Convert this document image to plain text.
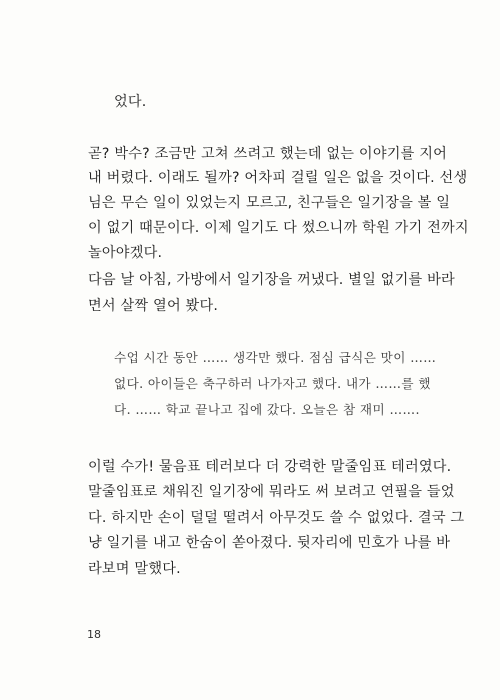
었다.
곧? 박수? 조금만 고쳐 쓰려고 했는데 없는 이야기를 지어
내 버렸다. 이래도 될까? 어차피 걸릴 일은 없을 것이다. 선생
님은 무슨 일이 있었는지 모르고, 친구들은 일기장을 볼 일
이 없기 때문이다. 이제 일기도 다 썼으니까 학원 가기 전까지
놀아야겠다.
다음 날 아침, 가방에서 일기장을 꺼냈다. 별일 없기를 바라
면서 살짝 열어 봤다.
수업 시간 동안 …… 생각만 했다. 점심 급식은 맛이 ……
없다. 아이들은 축구하러 나가자고 했다. 내가 ……를 했
다. …… 학교 끝나고 집에 갔다. 오늘은 참 재미 …….
이럴 수가! 물음표 테러보다 더 강력한 말줄임표 테러였다.
말줄임표로 채워진 일기장에 뭐라도 써 보려고 연필을 들었
다. 하지만 손이 덜덜 떨려서 아무것도 쓸 수 없었다. 결국 그
냥 일기를 내고 한숨이 쏟아졌다. 뒷자리에 민호가 나를 바
라보며 말했다.
18
